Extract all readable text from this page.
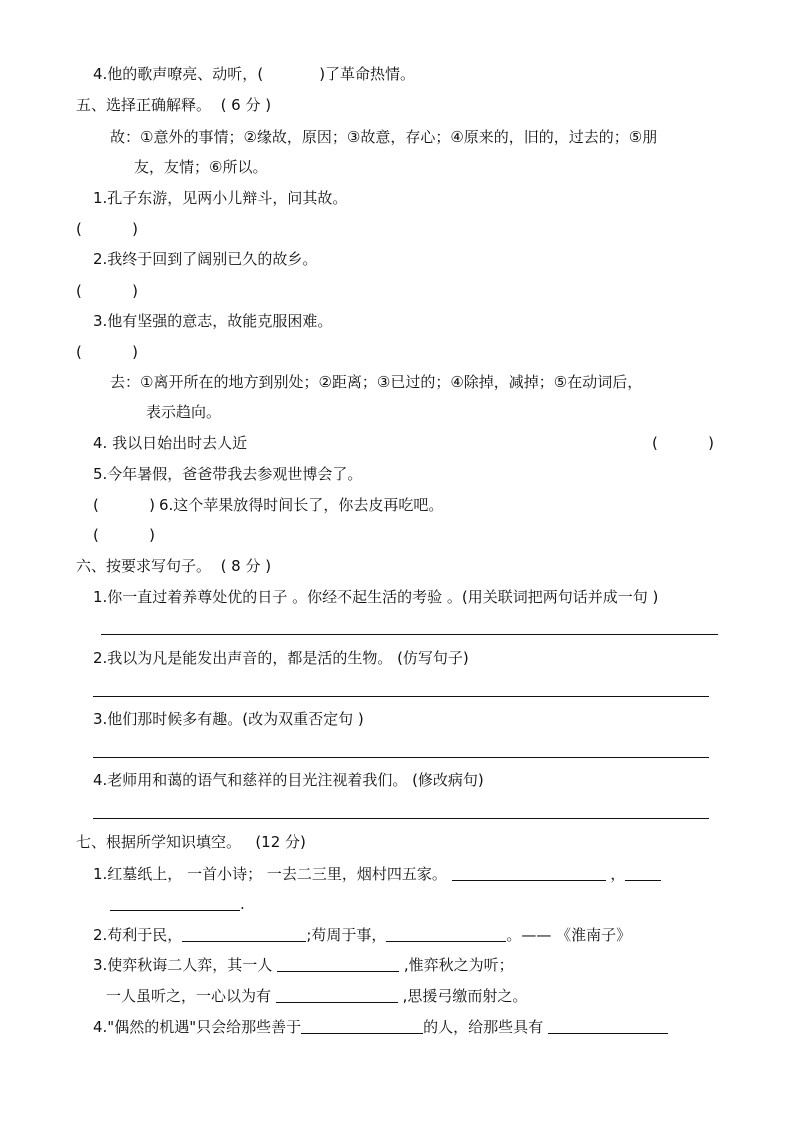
4.他的歌声嘹亮、动听，(	)了革命热情。
五、选择正确解释。 ( 6 分 )
故：①意外的事情；②缘故，原因；③故意，存心；④原来的，旧的，过去的；⑤朋
友，友情；⑥所以。
1.孔子东游，见两小儿辩斗，问其故。
(	)
2.我终于回到了阔别已久的故乡。
(	)
3.他有坚强的意志，故能克服困难。
(	)
去：①离开所在的地方到别处；②距离；③已过的；④除掉，减掉；⑤在动词后，
表示趋向。
4. 我以日始出时去人近	(	)
5.今年暑假，爸爸带我去参观世博会了。
(	) 6.这个苹果放得时间长了，你去皮再吃吧。
(	)
六、按要求写句子。 ( 8 分 )
1.你一直过着养尊处优的日子 。你经不起生活的考验 。(用关联词把两句话并成一句 )
2.我以为凡是能发出声音的，都是活的生物。 (仿写句子)
3.他们那时候多有趣。(改为双重否定句 )
4.老师用和蔼的语气和慈祥的目光注视着我们。 (修改病句)
七、根据所学知识填空。 (12 分)
1.红墓纸上， 一首小诗； 一去二三里，烟村四五家。	，
.
2.苟利于民，	;苟周于事，	。—— 《淮南子》
3.使弈秋诲二人弈，其一人	,惟弈秋之为听；
一人虽听之，一心以为有	,思援弓缴而射之。
4."偶然的机遇"只会给那些善于	的人，给那些具有
